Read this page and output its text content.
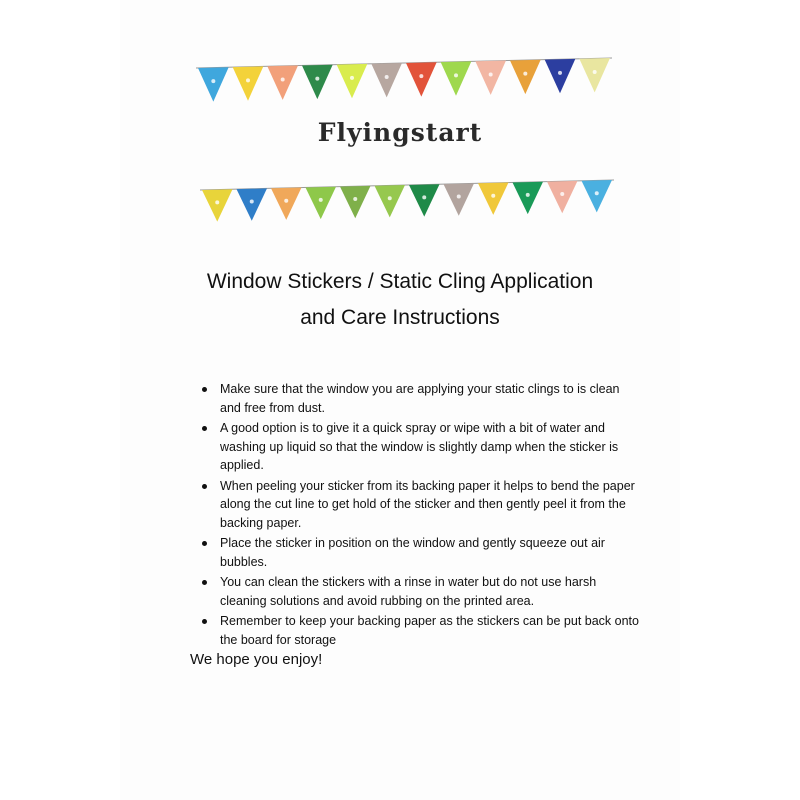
Flyingstart
Window Stickers / Static Cling Application
and Care Instructions
Make sure that the window you are applying your static clings to is clean and free from dust.
A good option is to give it a quick spray or wipe with a bit of water and washing up liquid so that the window is slightly damp when the sticker is applied.
When peeling your sticker from its backing paper it helps to bend the paper along the cut line to get hold of the sticker and then gently peel it from the backing paper.
Place the sticker in position on the window and gently squeeze out air bubbles.
You can clean the stickers with a rinse in water but do not use harsh cleaning solutions and avoid rubbing on the printed area.
Remember to keep your backing paper as the stickers can be put back onto the board for storage
We hope you enjoy!
